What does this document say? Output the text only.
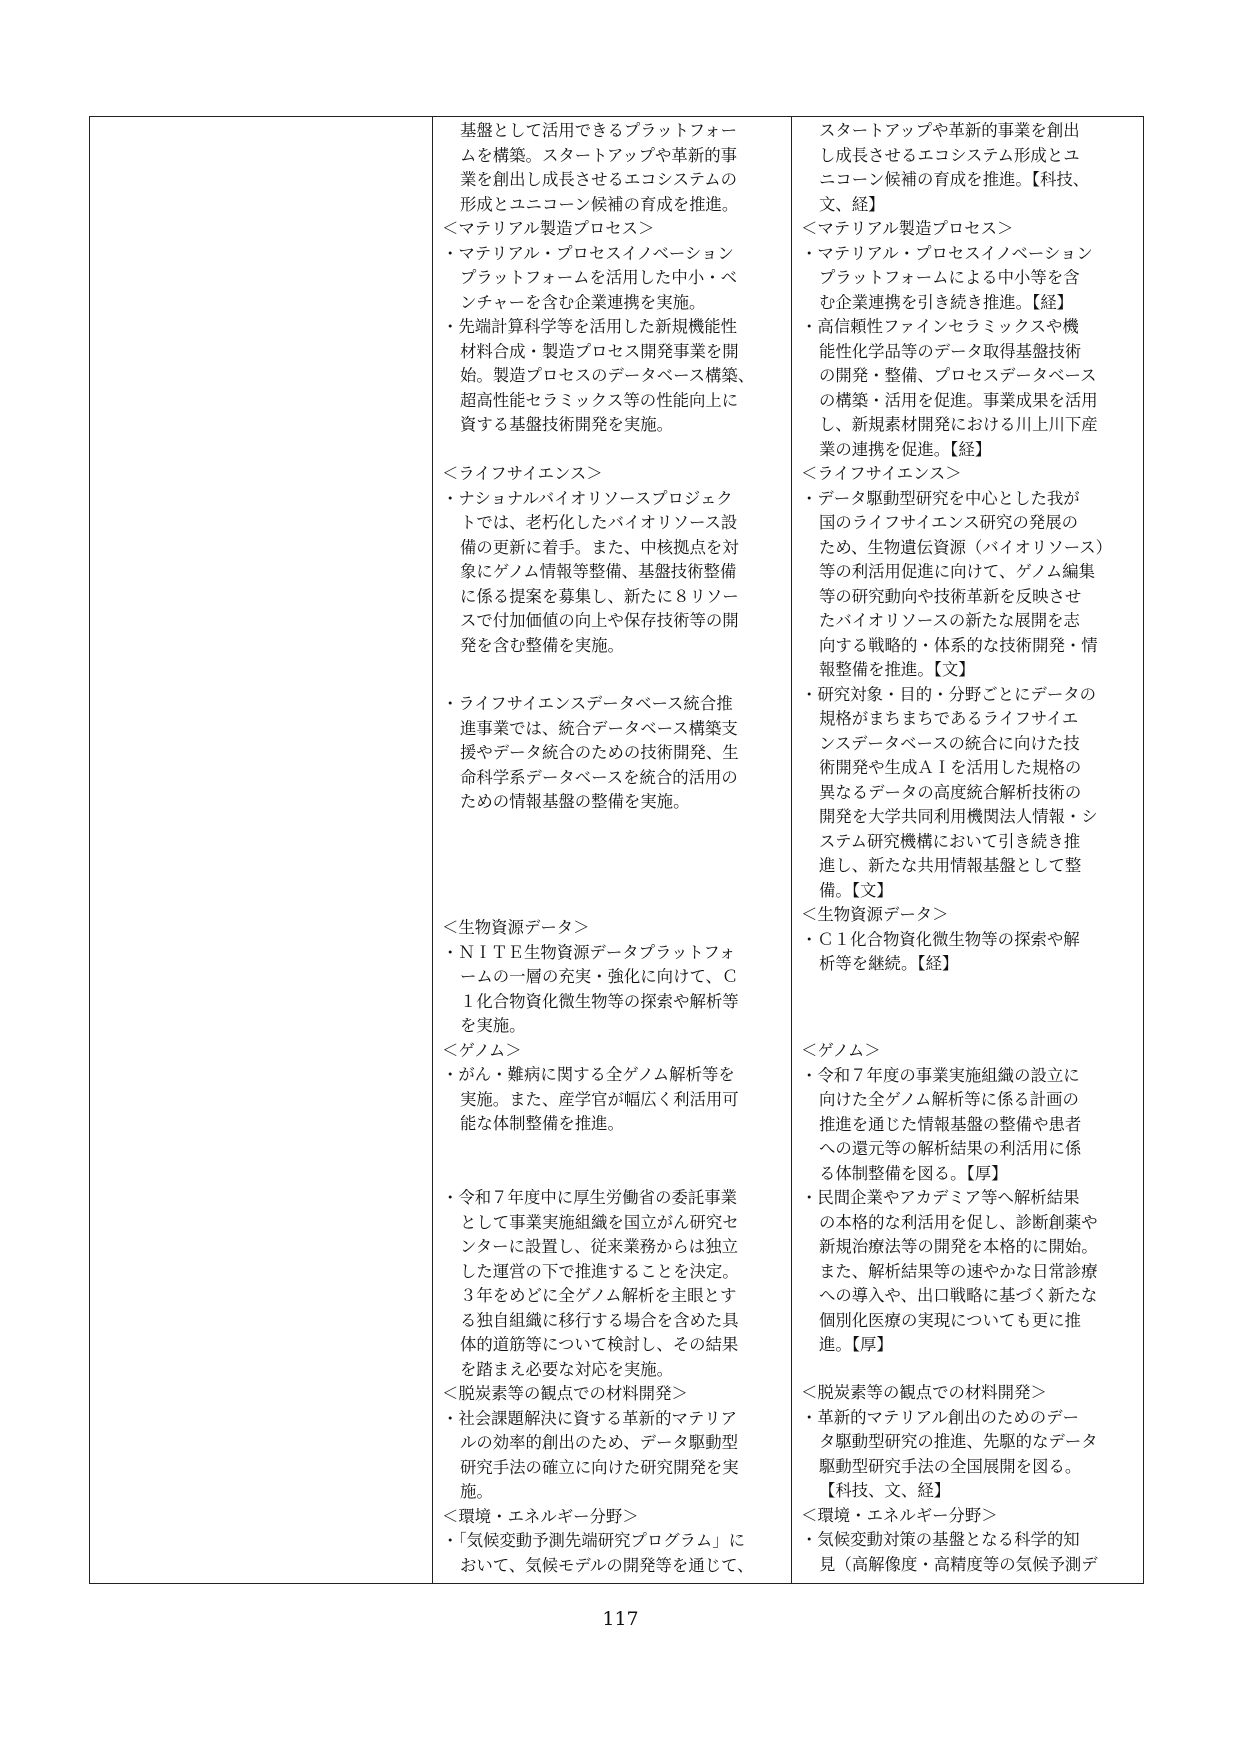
基盤として活用できるプラットフォー
ムを構築。スタートアップや革新的事
業を創出し成長させるエコシステムの
形成とユニコーン候補の育成を推進。
＜マテリアル製造プロセス＞
・マテリアル・プロセスイノベーション
プラットフォームを活用した中小・ベ
ンチャーを含む企業連携を実施。
・先端計算科学等を活用した新規機能性
材料合成・製造プロセス開発事業を開
始。製造プロセスのデータベース構築、
超高性能セラミックス等の性能向上に
資する基盤技術開発を実施。
＜ライフサイエンス＞
・ナショナルバイオリソースプロジェク
トでは、老朽化したバイオリソース設
備の更新に着手。また、中核拠点を対
象にゲノム情報等整備、基盤技術整備
に係る提案を募集し、新たに８リソー
スで付加価値の向上や保存技術等の開
発を含む整備を実施。
・ライフサイエンスデータベース統合推
進事業では、統合データベース構築支
援やデータ統合のための技術開発、生
命科学系データベースを統合的活用の
ための情報基盤の整備を実施。
＜生物資源データ＞
・ＮＩＴＥ生物資源データプラットフォ
ームの一層の充実・強化に向けて、Ｃ
１化合物資化微生物等の探索や解析等
を実施。
＜ゲノム＞
・がん・難病に関する全ゲノム解析等を
実施。また、産学官が幅広く利活用可
能な体制整備を推進。
・令和７年度中に厚生労働省の委託事業
として事業実施組織を国立がん研究セ
ンターに設置し、従来業務からは独立
した運営の下で推進することを決定。
３年をめどに全ゲノム解析を主眼とす
る独自組織に移行する場合を含めた具
体的道筋等について検討し、その結果
を踏まえ必要な対応を実施。
＜脱炭素等の観点での材料開発＞
・社会課題解決に資する革新的マテリア
ルの効率的創出のため、データ駆動型
研究手法の確立に向けた研究開発を実
施。
＜環境・エネルギー分野＞
・「気候変動予測先端研究プログラム」に
おいて、気候モデルの開発等を通じて、
スタートアップや革新的事業を創出
し成長させるエコシステム形成とユ
ニコーン候補の育成を推進。【科技、
文、経】
＜マテリアル製造プロセス＞
・マテリアル・プロセスイノベーション
プラットフォームによる中小等を含
む企業連携を引き続き推進。【経】
・高信頼性ファインセラミックスや機
能性化学品等のデータ取得基盤技術
の開発・整備、プロセスデータベース
の構築・活用を促進。事業成果を活用
し、新規素材開発における川上川下産
業の連携を促進。【経】
＜ライフサイエンス＞
・データ駆動型研究を中心とした我が
国のライフサイエンス研究の発展の
ため、生物遺伝資源（バイオリソース）
等の利活用促進に向けて、ゲノム編集
等の研究動向や技術革新を反映させ
たバイオリソースの新たな展開を志
向する戦略的・体系的な技術開発・情
報整備を推進。【文】
・研究対象・目的・分野ごとにデータの
規格がまちまちであるライフサイエ
ンスデータベースの統合に向けた技
術開発や生成ＡＩを活用した規格の
異なるデータの高度統合解析技術の
開発を大学共同利用機関法人情報・シ
ステム研究機構において引き続き推
進し、新たな共用情報基盤として整
備。【文】
＜生物資源データ＞
・Ｃ１化合物資化微生物等の探索や解
析等を継続。【経】
＜ゲノム＞
・令和７年度の事業実施組織の設立に
向けた全ゲノム解析等に係る計画の
推進を通じた情報基盤の整備や患者
への還元等の解析結果の利活用に係
る体制整備を図る。【厚】
・民間企業やアカデミア等へ解析結果
の本格的な利活用を促し、診断創薬や
新規治療法等の開発を本格的に開始。
また、解析結果等の速やかな日常診療
への導入や、出口戦略に基づく新たな
個別化医療の実現についても更に推
進。【厚】
＜脱炭素等の観点での材料開発＞
・革新的マテリアル創出のためのデー
タ駆動型研究の推進、先駆的なデータ
駆動型研究手法の全国展開を図る。
【科技、文、経】
＜環境・エネルギー分野＞
・気候変動対策の基盤となる科学的知
見（高解像度・高精度等の気候予測デ
117
